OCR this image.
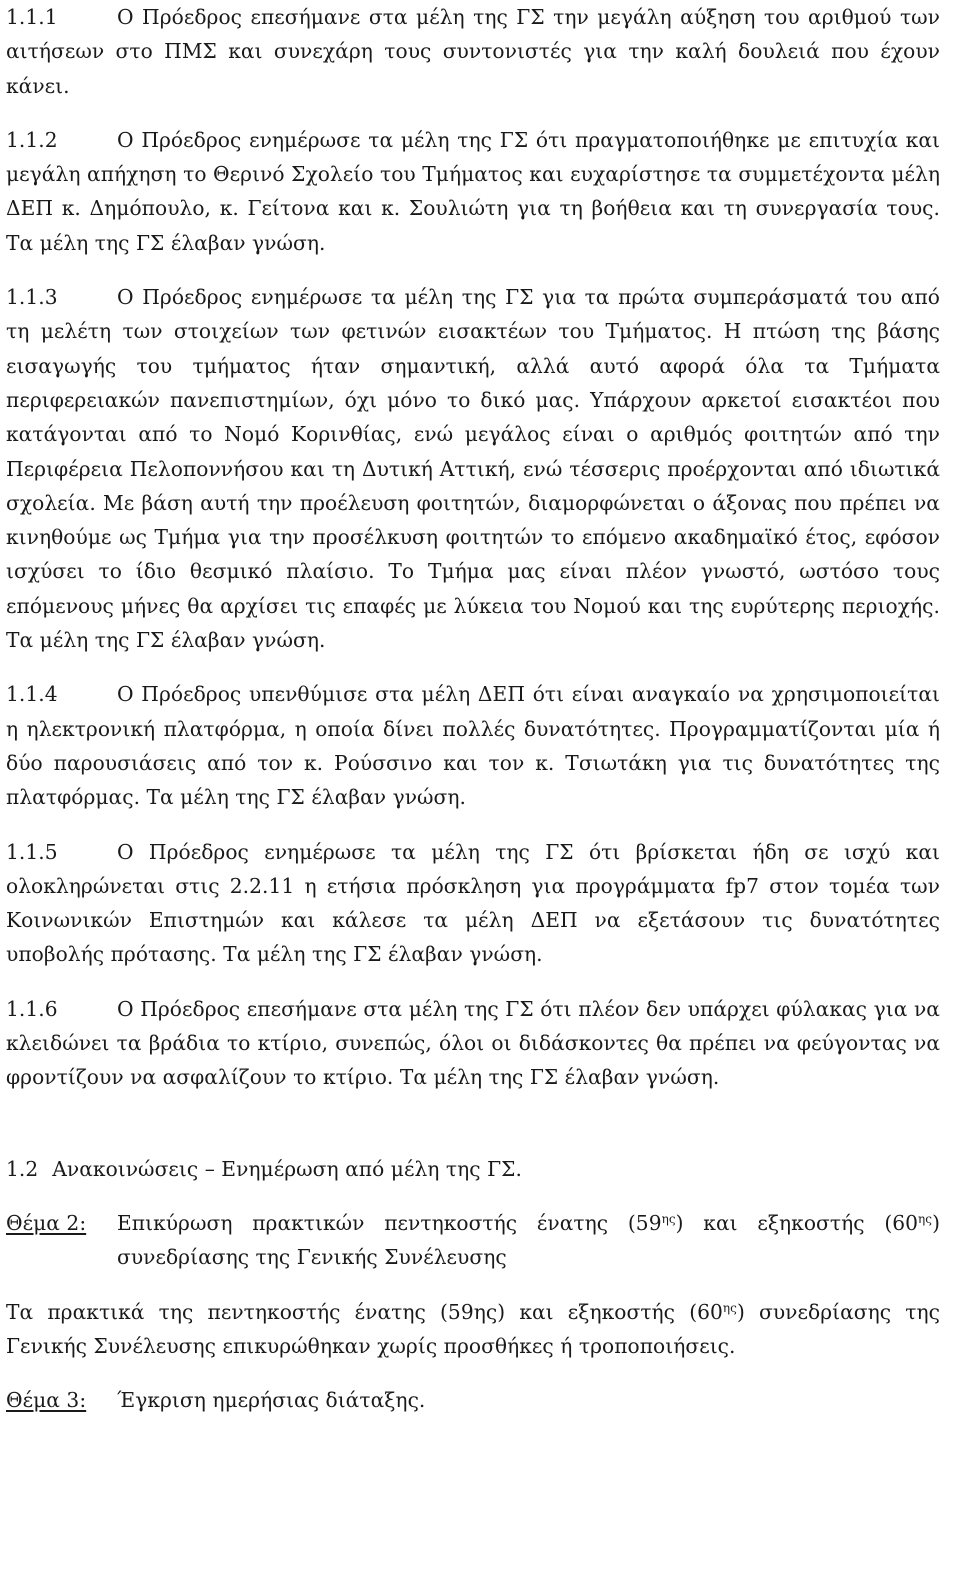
1.1.1	Ο Πρόεδρος επεσήμανε στα μέλη της ΓΣ την μεγάλη αύξηση του αριθμού των αιτήσεων στο ΠΜΣ και συνεχάρη τους συντονιστές για την καλή δουλειά που έχουν κάνει.

1.1.2	Ο Πρόεδρος ενημέρωσε τα μέλη της ΓΣ ότι πραγματοποιήθηκε με επιτυχία και μεγάλη απήχηση το Θερινό Σχολείο του Τμήματος και ευχαρίστησε τα συμμετέχοντα μέλη ΔΕΠ κ. Δημόπουλο, κ. Γείτονα και κ. Σουλιώτη για τη βοήθεια και τη συνεργασία τους. Τα μέλη της ΓΣ έλαβαν γνώση.

1.1.3	Ο Πρόεδρος ενημέρωσε τα μέλη της ΓΣ για τα πρώτα συμπεράσματά του από τη μελέτη των στοιχείων των φετινών εισακτέων του Τμήματος. Η πτώση της βάσης εισαγωγής του τμήματος ήταν σημαντική, αλλά αυτό αφορά όλα τα Τμήματα περιφερειακών πανεπιστημίων, όχι μόνο το δικό μας. Υπάρχουν αρκετοί εισακτέοι που κατάγονται από το Νομό Κορινθίας, ενώ μεγάλος είναι ο αριθμός φοιτητών από την Περιφέρεια Πελοποννήσου και τη Δυτική Αττική, ενώ τέσσερις προέρχονται από ιδιωτικά σχολεία. Με βάση αυτή την προέλευση φοιτητών, διαμορφώνεται ο άξονας που πρέπει να κινηθούμε ως Τμήμα για την προσέλκυση φοιτητών το επόμενο ακαδημαϊκό έτος, εφόσον ισχύσει το ίδιο θεσμικό πλαίσιο. Το Τμήμα μας είναι πλέον γνωστό, ωστόσο τους επόμενους μήνες θα αρχίσει τις επαφές με λύκεια του Νομού και της ευρύτερης περιοχής. Τα μέλη της ΓΣ έλαβαν γνώση.

1.1.4	Ο Πρόεδρος υπενθύμισε στα μέλη ΔΕΠ ότι είναι αναγκαίο να χρησιμοποιείται η ηλεκτρονική πλατφόρμα, η οποία δίνει πολλές δυνατότητες. Προγραμματίζονται μία ή δύο παρουσιάσεις από τον κ. Ρούσσινο και τον κ. Τσιωτάκη για τις δυνατότητες της πλατφόρμας. Τα μέλη της ΓΣ έλαβαν γνώση.

1.1.5	Ο Πρόεδρος ενημέρωσε τα μέλη της ΓΣ ότι βρίσκεται ήδη σε ισχύ και ολοκληρώνεται στις 2.2.11 η ετήσια πρόσκληση για προγράμματα fp7 στον τομέα των Κοινωνικών Επιστημών και κάλεσε τα μέλη ΔΕΠ να εξετάσουν τις δυνατότητες υποβολής πρότασης. Τα μέλη της ΓΣ έλαβαν γνώση.

1.1.6	Ο Πρόεδρος επεσήμανε στα μέλη της ΓΣ ότι πλέον δεν υπάρχει φύλακας για να κλειδώνει τα βράδια το κτίριο, συνεπώς, όλοι οι διδάσκοντες θα πρέπει να φεύγοντας να φροντίζουν να ασφαλίζουν το κτίριο. Τα μέλη της ΓΣ έλαβαν γνώση.

1.2 Ανακοινώσεις – Ενημέρωση από μέλη της ΓΣ.

Θέμα 2:	Επικύρωση πρακτικών πεντηκοστής ένατης $(59^{\eta\varsigma})$ και εξηκοστής $(60^{\eta\varsigma})$ συνεδρίασης της Γενικής Συνέλευσης

Τα πρακτικά της πεντηκοστής ένατης (59ης) και εξηκοστής $(60^{\eta\varsigma})$ συνεδρίασης της Γενικής Συνέλευσης επικυρώθηκαν χωρίς προσθήκες ή τροποποιήσεις.

Θέμα 3:	Έγκριση ημερήσιας διάταξης.
